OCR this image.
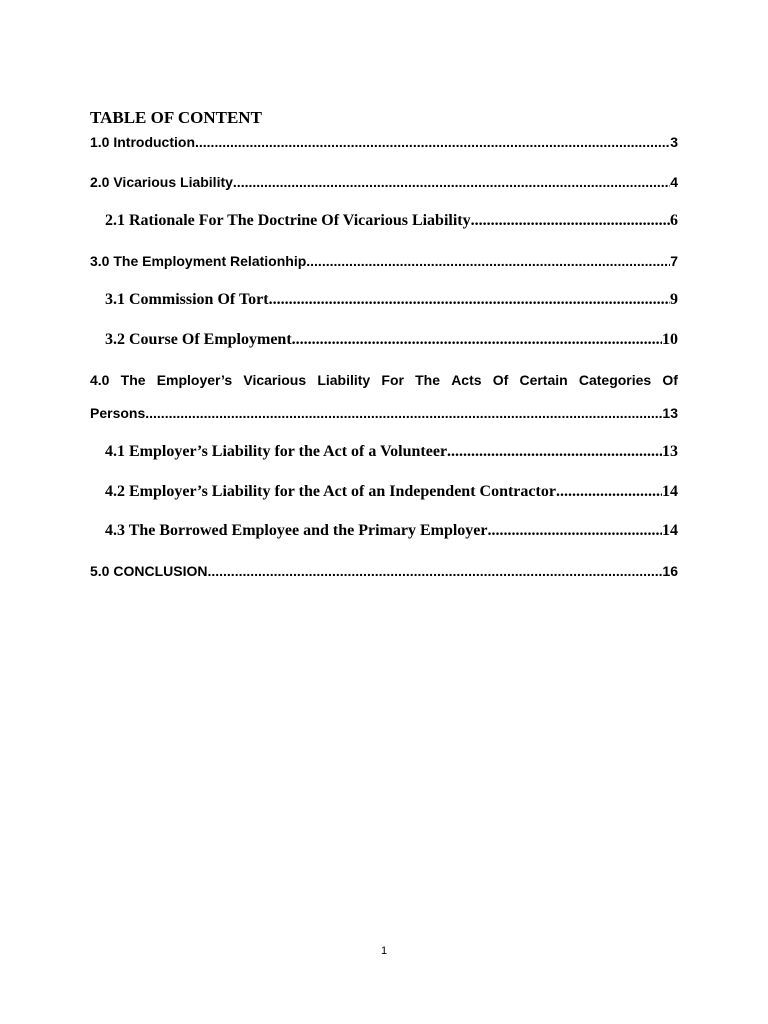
TABLE OF CONTENT
1.0 Introduction .....	3
2.0 Vicarious Liability .....	4
2.1 Rationale For The Doctrine Of Vicarious Liability .....	6
3.0 The Employment Relationhip .....	7
3.1 Commission Of Tort .....	9
3.2 Course Of Employment .....	10
4.0 The Employer’s Vicarious Liability For The Acts Of Certain Categories Of
Persons .....	13
4.1 Employer’s Liability for the Act of a Volunteer .....	13
4.2 Employer’s Liability for the Act of an Independent Contractor .....	14
4.3 The Borrowed Employee and the Primary Employer .....	14
5.0 CONCLUSION .....	16
1
